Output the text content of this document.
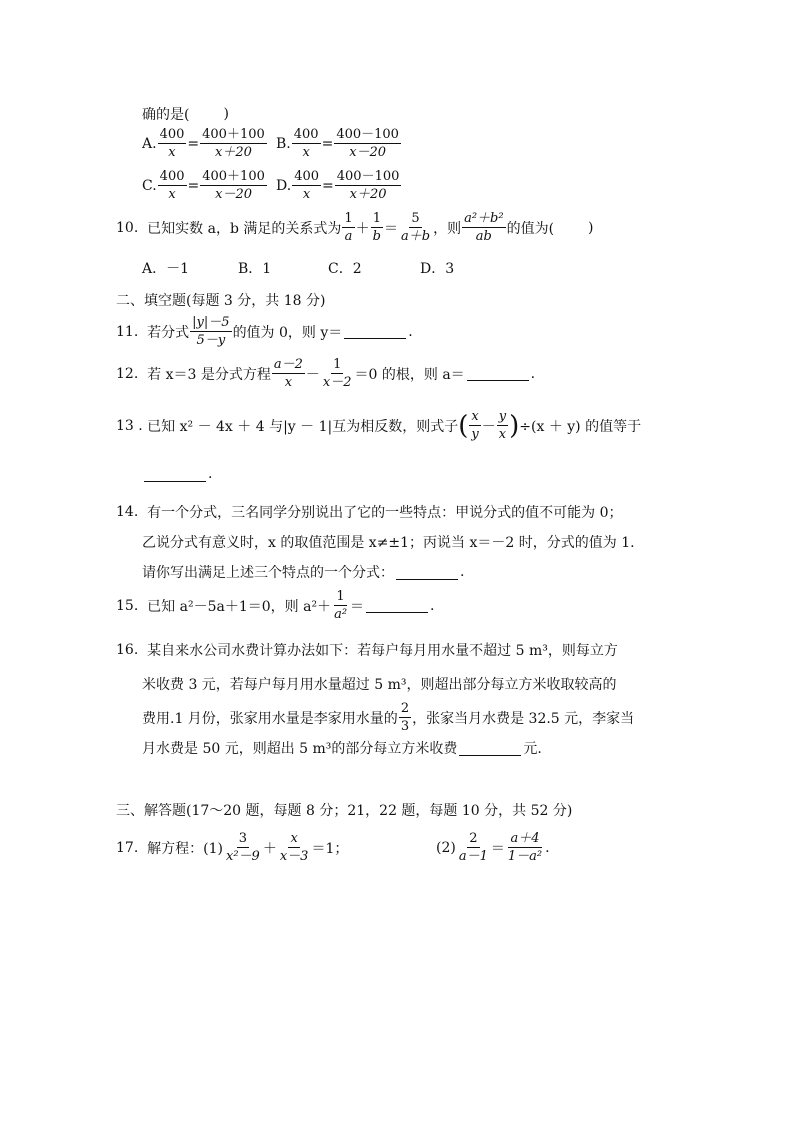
确的是( )
A. $\frac{400}{x} = \frac{400+100}{x+20} B$. $\frac{400}{x} = \frac{400-100}{x-20}$
C. $\frac{400}{x} = \frac{400+100}{x-20} D$. $\frac{400}{x} = \frac{400-100}{x+20}$
10.
已知实数 a，b 满足的关系式为 $\frac{1}{a} + \frac{1}{b} = \frac{5}{a+b}$ ，则 $\frac{\text{a²＋b²}}{ab}$ 的值为( )
A．－1	B．1	C．2	D．3
二、填空题(每题 3 分，共 18 分)
11.
若分式 $\frac{|y|-5}{5-y}$ 的值为 0，则 y＝	.
12.
若 x＝3 是分式方程 $\frac{a-2}{x} - \frac{1}{x-2} =0$ 的根，则 a＝	.
13 .
已知 x² － 4x ＋ 4 与|y － 1|互为相反数，则式子 ( $\frac{x}{y} - \frac{y}{x}$ ) ÷(x ＋ y) 的值等于
.
14.
有一个分式，三名同学分别说出了它的一些特点：甲说分式的值不可能为 0；
乙说分式有意义时，x 的取值范围是 x≠±1；丙说当 x＝－2 时，分式的值为 1.
请你写出满足上述三个特点的一个分式：	.
15.
已知 a²－5a＋1＝0，则 $a^2+ \frac{1}{\text{a²}}$ ＝	.
16.
某自来水公司水费计算办法如下：若每户每月用水量不超过 5 m³，则每立方
米收费 3 元，若每户每月用水量超过 5 m³，则超出部分每立方米收取较高的
费用.1 月份，张家用水量是李家用水量的 $\frac{2}{3}$ ，张家当月水费是 32.5 元，李家当
月水费是 50 元，则超出 5 m³的部分每立方米收费	元.
三、解答题(17～20 题，每题 8 分；21，22 题，每题 10 分，共 52 分)
17.
解方程：$(1) \frac{3}{\text{x²－9}} + \frac{x}{x-3} =1$；	$(2) \frac{2}{a-1} = \frac{a+4}{\text{1－a²}}$ .
